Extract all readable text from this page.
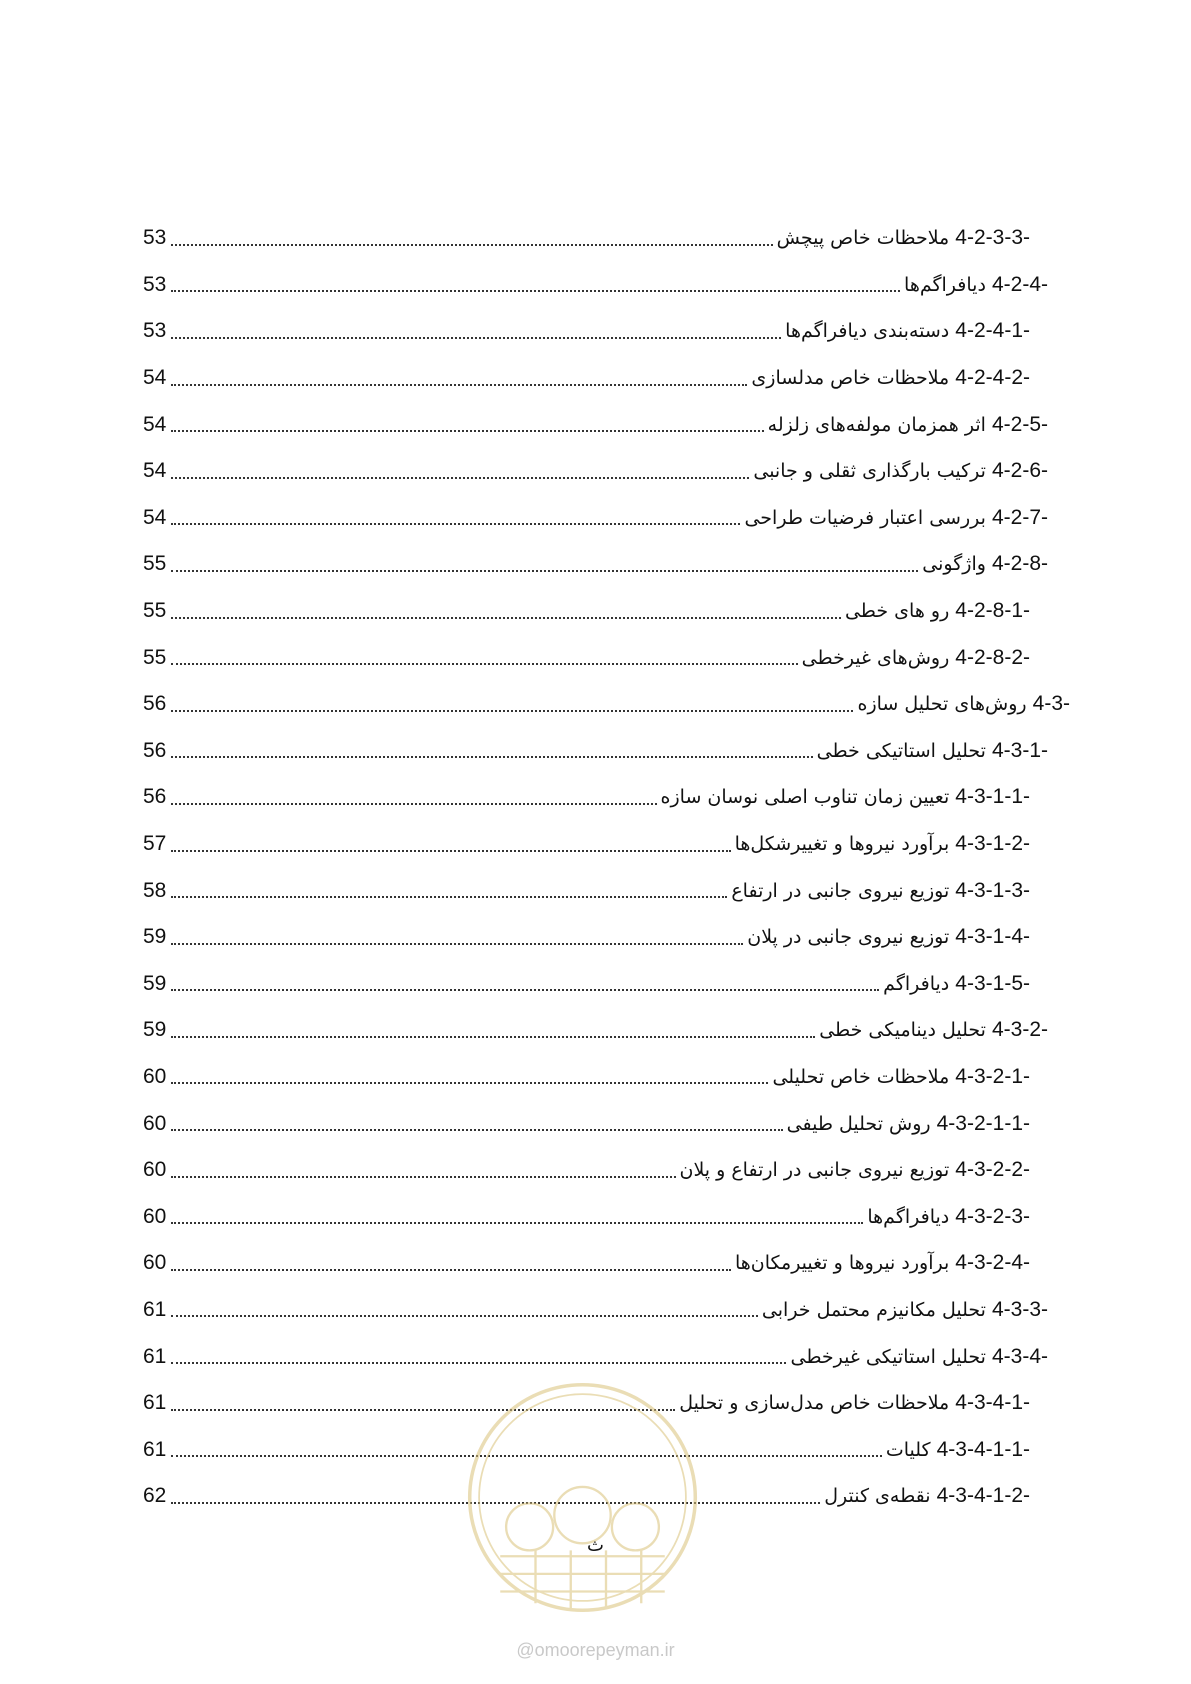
53	4-2-3-3- ملاحظات خاص پیچش
53	4-2-4- دیافراگم‌ها
53	4-2-4-1- دسته‌بندی دیافراگم‌ها
54	4-2-4-2- ملاحظات خاص مدلسازی
54	4-2-5- اثر همزمان مولفه‌های زلزله
54	4-2-6- ترکیب بارگذاری ثقلی و جانبی
54	4-2-7- بررسی اعتبار فرضیات طراحی
55	4-2-8- واژگونی
55	4-2-8-1- رو های خطی
55	4-2-8-2- روش‌های غیرخطی
56	4-3- روش‌های تحلیل سازه
56	4-3-1- تحلیل استاتیکی خطی
56	4-3-1-1- تعیین زمان تناوب اصلی نوسان سازه
57	4-3-1-2- برآورد نیروها و تغییرشکل‌ها
58	4-3-1-3- توزیع نیروی جانبی در ارتفاع
59	4-3-1-4- توزیع نیروی جانبی در پلان
59	4-3-1-5- دیافراگم
59	4-3-2- تحلیل دینامیکی خطی
60	4-3-2-1- ملاحظات خاص تحلیلی
60	4-3-2-1-1- روش تحلیل طیفی
60	4-3-2-2- توزیع نیروی جانبی در ارتفاع و پلان
60	4-3-2-3- دیافراگم‌ها
60	4-3-2-4- برآورد نیروها و تغییرمکان‌ها
61	4-3-3- تحلیل مکانیزم محتمل خرابی
61	4-3-4- تحلیل استاتیکی غیرخطی
61	4-3-4-1- ملاحظات خاص مدل‌سازی و تحلیل
61	4-3-4-1-1- کلیات
62	4-3-4-1-2- نقطه‌ی کنترل
ث
@omoorepeyman.ir
